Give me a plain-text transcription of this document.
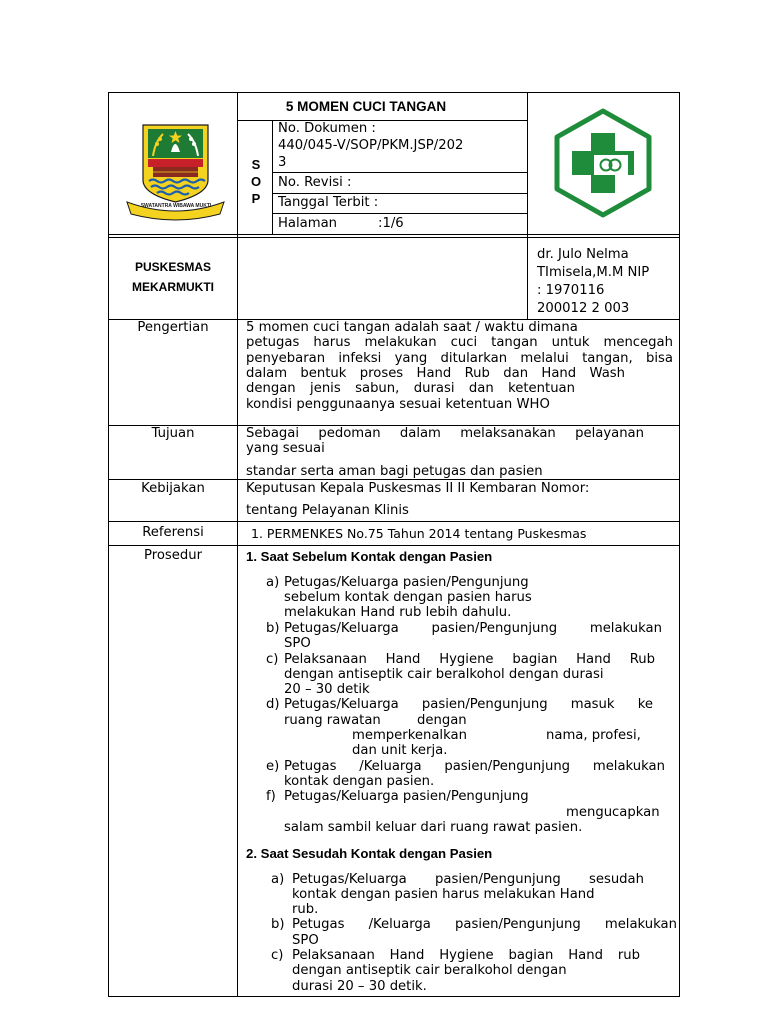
SWATANTRA WIBAWA MUKTI
5 MOMEN CUCI TANGAN
S
O
P
No. Dokumen :
440/045-V/SOP/PKM.JSP/202
3
No. Revisi :
Tanggal Terbit :
Halaman	:1/6
PUSKESMAS
MEKARMUKTI
dr. Julo Nelma
TImisela,M.M NIP
: 1970116
200012 2 003
Pengertian	5 momen cuci tangan adalah saat / waktu dimana
petugas harus melakukan cuci tangan untuk mencegah
penyebaran infeksi yang ditularkan melalui tangan, bisa
dalam bentuk proses Hand Rub dan Hand Wash
dengan jenis sabun, durasi dan ketentuan
kondisi penggunaanya sesuai ketentuan WHO
Tujuan	Sebagai pedoman dalam melaksanakan pelayanan
yang sesuai
standar serta aman bagi petugas dan pasien
Kebijakan	Keputusan Kepala Puskesmas II II Kembaran Nomor:
tentang Pelayanan Klinis
Referensi	1. PERMENKES No.75 Tahun 2014 tentang Puskesmas
Prosedur	1. Saat Sebelum Kontak dengan Pasien
a) Petugas/Keluarga pasien/Pengunjung
sebelum kontak dengan pasien harus
melakukan Hand rub lebih dahulu.
b) Petugas/Keluarga pasien/Pengunjung melakukan
SPO
c) Pelaksanaan Hand Hygiene bagian Hand Rub
dengan antiseptik cair beralkohol dengan durasi
20 – 30 detik
d) Petugas/Keluarga pasien/Pengunjung masuk ke
ruang rawatan	dengan
memperkenalkan	nama, profesi,
dan unit kerja.
e) Petugas /Keluarga pasien/Pengunjung melakukan
kontak dengan pasien.
f) Petugas/Keluarga pasien/Pengunjung
mengucapkan
salam sambil keluar dari ruang rawat pasien.
2. Saat Sesudah Kontak dengan Pasien
a) Petugas/Keluarga pasien/Pengunjung sesudah
kontak dengan pasien harus melakukan Hand
rub.
b) Petugas /Keluarga pasien/Pengunjung melakukan
SPO
c) Pelaksanaan Hand Hygiene bagian Hand rub
dengan antiseptik cair beralkohol dengan
durasi 20 – 30 detik.
